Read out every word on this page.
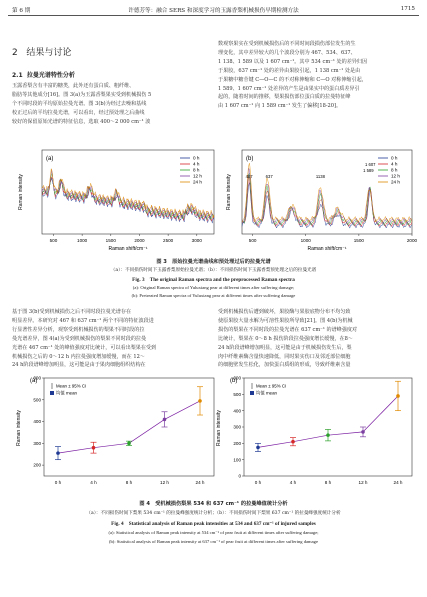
第 6 期	许德芳等：融合 SERS 和深度学习的玉露香梨机械损伤早期检测方法	1715
2 结果与讨论
2.1 拉曼光谱特性分析
玉露香梨含有丰富的糖类，此外还有蛋白质、粗纤维、
脂肪等其他成分[16]。图 3(a)为玉露香梨果实受到机械损伤 5
个不同时段的平均原始拉曼光谱。图 3(b)为经过去噪和基线
校正过后的平均拉曼光谱，可以看出，经过预处理之后曲线
较好的保留原始光谱的特征信息，选取 400～2 000 cm⁻¹ 波
数观察果实在受到机械损伤后的不同时间段损伤部位发生的生
理变化，其中差异较大的几个波段分别为 467、534、637、
1 138、1 589 以及 1 607 cm⁻¹。其中 534 cm⁻¹ 处的差异归因
于果胶，637 cm⁻¹ 处的差异由果胶引起，1 138 cm⁻¹ 处是由
于果糖中糖苷键 C—O—C 的不对称伸缩和 C—O 对称伸缩引起，
1 589、1 607 cm⁻¹ 处差异的产生是由果实中的蛋白质差异引
起的，随着时间的推移，梨果损伤部位蛋白质的拉曼特征峰
由 1 607 cm⁻¹ 向 1 589 cm⁻¹ 发生了偏移[18-20]。
(a)
Raman intensity
Raman shift/cm⁻¹
500	1000	1500	2000	2500	3000
0 h
4 h
8 h
12 h
24 h
(b)
Raman intensity
Raman shift/cm⁻¹
500	1000	1500	2000
0 h
4 h
8 h
12 h
24 h
467	637	1138
1 589
1 607
图 3　原始拉曼光谱曲线和预处理过后的拉曼光谱
（a）：不同损伤时间下玉露香梨原始拉曼光谱；（b）：不同损伤时间下玉露香梨预处理之后的拉曼光谱
Fig. 3　The original Raman spectra and the preprocessed Raman spectra
(a): Original Raman spectra of Yuluxiang pear at different times after suffering damage;
(b): Pretreated Raman spectra of Yuluxiang pear at different times after suffering damage
基于图 3(b)受到机械损伤之后不同时段拉曼光谱存在
明显差异。本研究对 467 和 637 cm⁻¹ 两个不同的特征波段进
行显著性差异分析，观察受到机械损伤的梨果不同时段的拉
曼光谱差异，图 4(a)为受到机械损伤的梨果不同时段的拉曼
光谱在 467 cm⁻¹ 处的峰值强度对比统计，可以看出梨果在受到
机械损伤之后的 0～12 h 内拉曼强度增加缓慢，而在 12～
24 h阶段谱峰增加明显，这可能是由于果肉细胞组织结构在
受到机械损伤后遭到破坏，果胶酶与果胶底物分布不均匀致
使原果胶大量水解为可溶性果胶所导致[21]。图 4(b)为机械
损伤的梨果在不同时段的拉曼光谱在 637 cm⁻¹ 的谱峰强度对
比统计，梨果在 0～8 h 损伤阶段拉曼强度增长缓慢，在8～
24 h阶段谱峰增加明显，这可能是由于机械损伤发生后，梨
肉中纤维素酶含量快速降低，同时果实伤口及邻近部位细胞
的细胞壁发生松化，加快蛋白质组的形成，导致纤维素含量
(a)
Raman intensity
200
300
400
500
600
0 h	4 h	8 h	12 h	24 h
Mean ± 95% CI
均值 mean
(b)
Raman intensity
0
100
200
300
400
500
600
0 h	4 h	8 h	12 h	24 h
Mean ± 95% CI
均值 mean
图 4　受机械损伤梨果 534 和 637 cm⁻¹ 的拉曼峰值统计分析
（a）：不同损伤时间下梨果 534 cm⁻¹ 的拉曼峰强度统计分析；（b）：不同损伤时间下梨果 637 cm⁻¹ 的拉曼峰强度统计分析
Fig. 4　Statistical analysis of Raman peak intensities at 534 and 637 cm⁻¹ of injured samples
(a): Statistical analysis of Raman peak intensity at 534 cm⁻¹ of pear fruit at different times after suffering damage;
(b): Statistical analysis of Raman peak intensity at 637 cm⁻¹ of pear fruit at different times after suffering damage
